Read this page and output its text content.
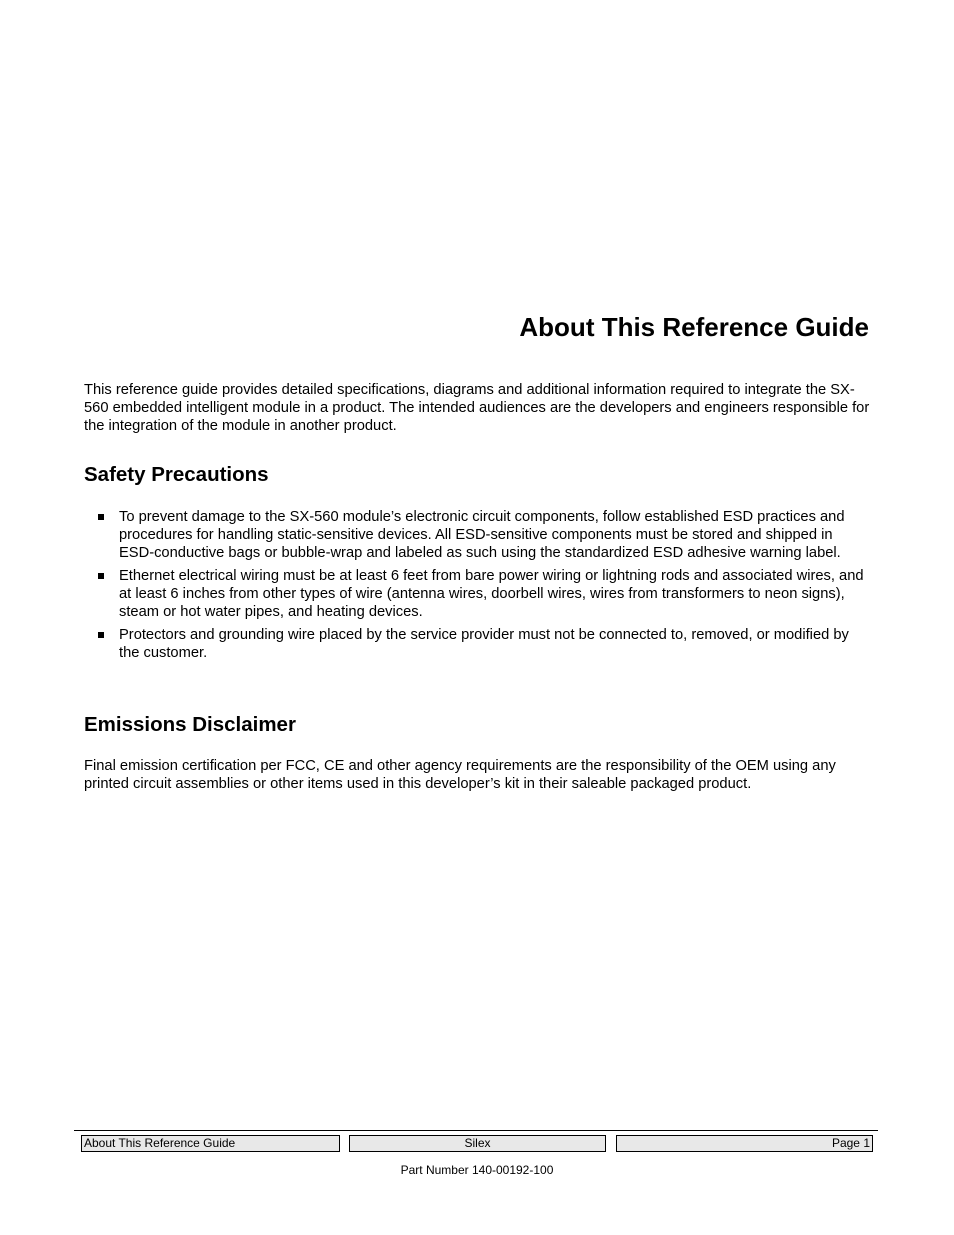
About This Reference Guide

This reference guide provides detailed specifications, diagrams and additional information required to integrate the SX-560 embedded intelligent module in a product. The intended audiences are the developers and engineers responsible for the integration of the module in another product.

Safety Precautions
To prevent damage to the SX-560 module’s electronic circuit components, follow established ESD practices and procedures for handling static-sensitive devices. All ESD-sensitive components must be stored and shipped in ESD-conductive bags or bubble-wrap and labeled as such using the standardized ESD adhesive warning label.
Ethernet electrical wiring must be at least 6 feet from bare power wiring or lightning rods and associated wires, and at least 6 inches from other types of wire (antenna wires, doorbell wires, wires from transformers to neon signs), steam or hot water pipes, and heating devices.
Protectors and grounding wire placed by the service provider must not be connected to, removed, or modified by the customer.
Emissions Disclaimer

Final emission certification per FCC, CE and other agency requirements are the responsibility of the OEM using any printed circuit assemblies or other items used in this developer’s kit in their saleable packaged product.

About This Reference Guide	Silex	Page 1
Part Number 140-00192-100
